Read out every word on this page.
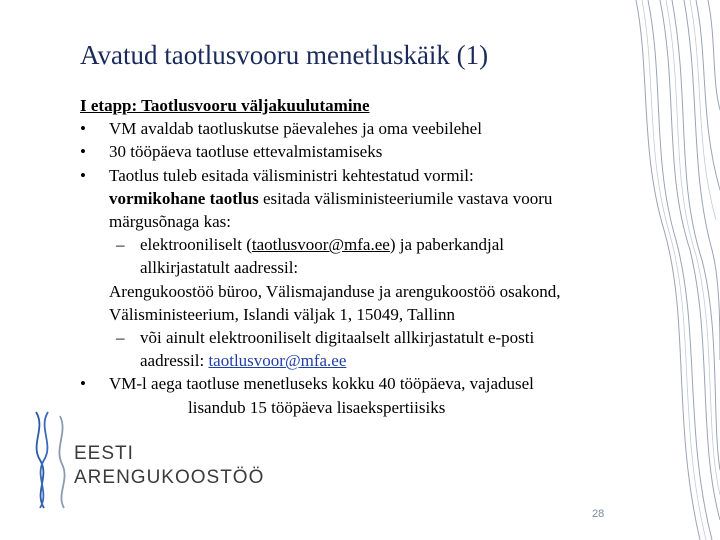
Avatud taotlusvooru menetluskäik (1)
I etapp: Taotlusvooru väljakuulutamine
• VM avaldab taotluskutse päevalehes ja oma veebilehel
• 30 tööpäeva taotluse ettevalmistamiseks
• Taotlus tuleb esitada välisministri kehtestatud vormil:
vormikohane taotlus esitada välisministeeriumile vastava vooru
märgusõnaga kas:
– elektrooniliselt (taotlusvoor@mfa.ee) ja paberkandjal
allkirjastatult aadressil:
Arengukoostöö büroo, Välismajanduse ja arengukoostöö osakond,
Välisministeerium, Islandi väljak 1, 15049, Tallinn
– või ainult elektrooniliselt digitaalselt allkirjastatult e-posti
aadressil: taotlusvoor@mfa.ee
• VM-l aega taotluse menetluseks kokku 40 tööpäeva, vajadusel
lisandub 15 tööpäeva lisaekspertiisiks
EESTI
ARENGUKOOSTÖÖ
28
